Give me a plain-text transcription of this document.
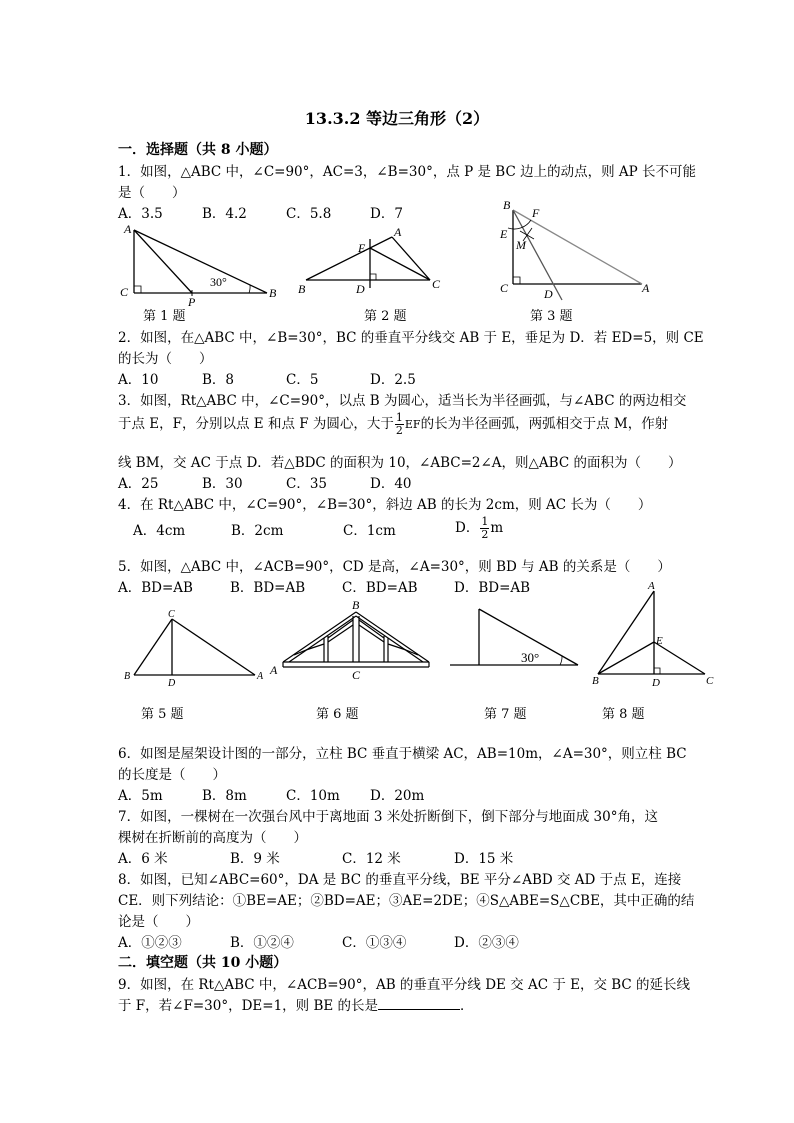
13.3.2 等边三角形（2）
一．选择题（共 8 小题）
1．如图，△ABC 中，∠C=90°，AC=3，∠B=30°，点 P 是 BC 边上的动点，则 AP 长不可能
是（　　）
A．3.5	B．4.2	C．5.8	D．7
A
C
P
B
30°
第 1 题
A
E
B	D	C
第 2 题
B
F
E
M
C	D	A
第 3 题
2．如图，在△ABC 中，∠B=30°，BC 的垂直平分线交 AB 于 E，垂足为 D．若 ED=5，则 CE
的长为（　　）
A．10	B．8	C．5	D．2.5
3．如图，Rt△ABC 中，∠C=90°，以点 B 为圆心，适当长为半径画弧，与∠ABC 的两边相交
于点 E，F，分别以点 E 和点 F 为圆心，大于 $\frac{1}{2}$ EF的长为半径画弧，两弧相交于点 M，作射
线 BM，交 AC 于点 D．若△BDC 的面积为 10，∠ABC=2∠A，则△ABC 的面积为（　　）
A．25	B．30	C．35	D．40
4．在 Rt△ABC 中，∠C=90°，∠B=30°，斜边 AB 的长为 2cm，则 AC 长为（　　）
A．4cm	B．2cm	C．1cm	D． $\frac{1}{2}$ m
5．如图，△ABC 中，∠ACB=90°，CD 是高，∠A=30°，则 BD 与 AB 的关系是（　　）
A．BD=AB	B．BD=AB	C．BD=AB	D．BD=AB
C
B
D
A
第 5 题
B
A	C
第 6 题
30°
第 7 题
A
E
B	D	C
第 8 题
6．如图是屋架设计图的一部分，立柱 BC 垂直于横梁 AC，AB=10m，∠A=30°，则立柱 BC
的长度是（　　）
A．5m	B．8m	C．10m D．20m
7．如图，一棵树在一次强台风中于离地面 3 米处折断倒下，倒下部分与地面成 30°角，这
棵树在折断前的高度为（　　）
A．6 米	B．9 米	C．12 米	D．15 米
8．如图，已知∠ABC=60°，DA 是 BC 的垂直平分线，BE 平分∠ABD 交 AD 于点 E，连接
CE．则下列结论：①BE=AE；②BD=AE；③AE=2DE；④S△ABE=S△CBE，其中正确的结
论是（　　）
A．①②③	B．①②④	C．①③④	D．②③④
二．填空题（共 10 小题）
9．如图，在 Rt△ABC 中，∠ACB=90°，AB 的垂直平分线 DE 交 AC 于 E，交 BC 的延长线
于 F，若∠F=30°，DE=1，则 BE 的长是	．
